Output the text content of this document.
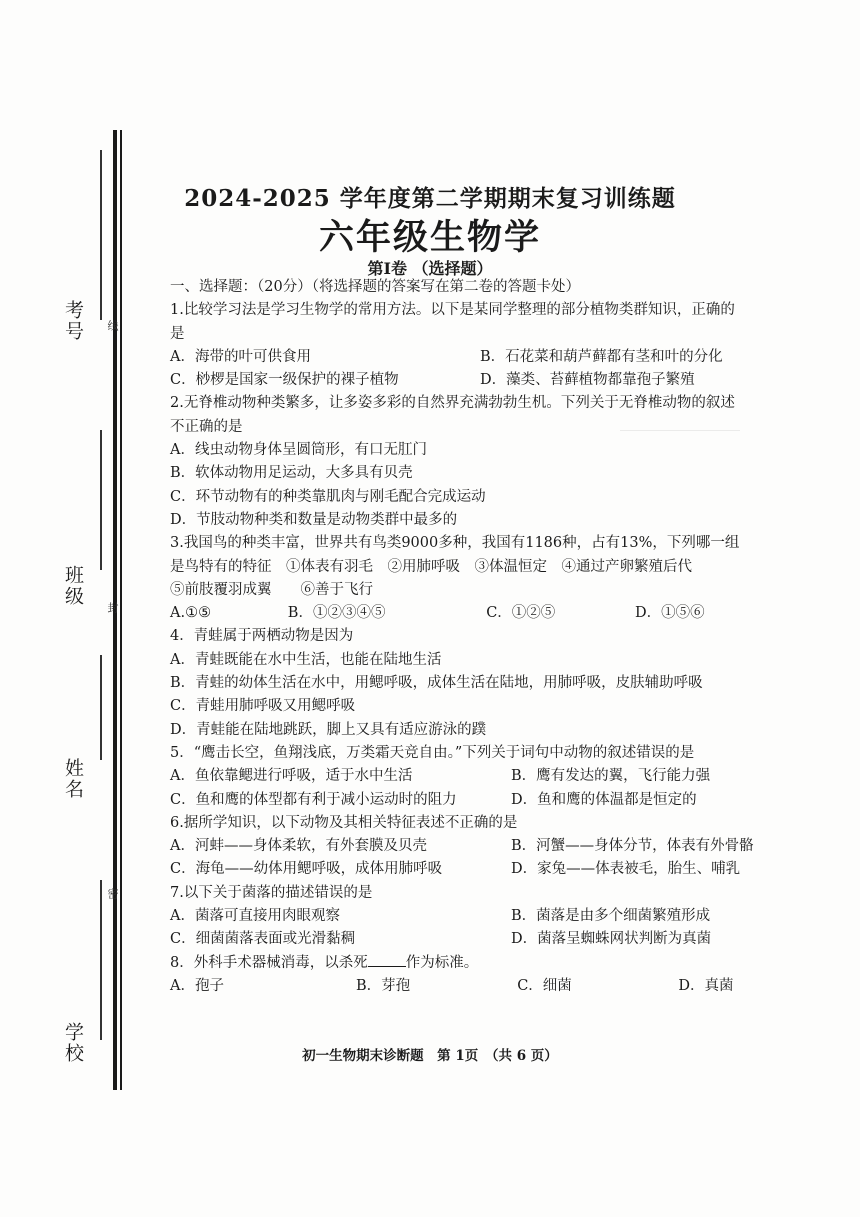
考号 线
班级
封
姓名
密
学校
2024-2025 学年度第二学期期末复习训练题
六年级生物学
第Ⅰ卷 （选择题）
一、选择题：（20分）（将选择题的答案写在第二卷的答题卡处）
1.比较学习法是学习生物学的常用方法。以下是某同学整理的部分植物类群知识，正确的
是
A．海带的叶可供食用	B．石花菜和葫芦藓都有茎和叶的分化
C．桫椤是国家一级保护的裸子植物	D．藻类、苔藓植物都靠孢子繁殖
2.无脊椎动物种类繁多，让多姿多彩的自然界充满勃勃生机。下列关于无脊椎动物的叙述
不正确的是
A．线虫动物身体呈圆筒形，有口无肛门
B．软体动物用足运动，大多具有贝壳
C．环节动物有的种类靠肌肉与刚毛配合完成运动
D．节肢动物种类和数量是动物类群中最多的
3.我国鸟的种类丰富，世界共有鸟类9000多种，我国有1186种，占有13%，下列哪一组
是鸟特有的特征　①体表有羽毛　②用肺呼吸　③体温恒定　④通过产卵繁殖后代
⑤前肢覆羽成翼　　⑥善于飞行
A.①⑤	B．①②③④⑤	C．①②⑤	D．①⑤⑥
4．青蛙属于两栖动物是因为
A．青蛙既能在水中生活，也能在陆地生活
B．青蛙的幼体生活在水中，用鳃呼吸，成体生活在陆地，用肺呼吸，皮肤辅助呼吸
C．青蛙用肺呼吸又用鳃呼吸
D．青蛙能在陆地跳跃，脚上又具有适应游泳的蹼
5．“鹰击长空，鱼翔浅底，万类霜天竞自由。”下列关于词句中动物的叙述错误的是
A．鱼依靠鳃进行呼吸，适于水中生活	B．鹰有发达的翼，飞行能力强
C．鱼和鹰的体型都有利于减小运动时的阻力	D．鱼和鹰的体温都是恒定的
6.据所学知识，以下动物及其相关特征表述不正确的是
A．河蚌——身体柔软，有外套膜及贝壳	B．河蟹——身体分节，体表有外骨骼
C．海龟——幼体用鳃呼吸，成体用肺呼吸	D．家兔——体表被毛，胎生、哺乳
7.以下关于菌落的描述错误的是
A．菌落可直接用肉眼观察	B．菌落是由多个细菌繁殖形成
C．细菌菌落表面或光滑黏稠	D．菌落呈蜘蛛网状判断为真菌
8．外科手术器械消毒，以杀死	作为标准。
A．孢子	B．芽孢	C．细菌	D．真菌
初一生物期末诊断题　第 1页　（共 6 页）
